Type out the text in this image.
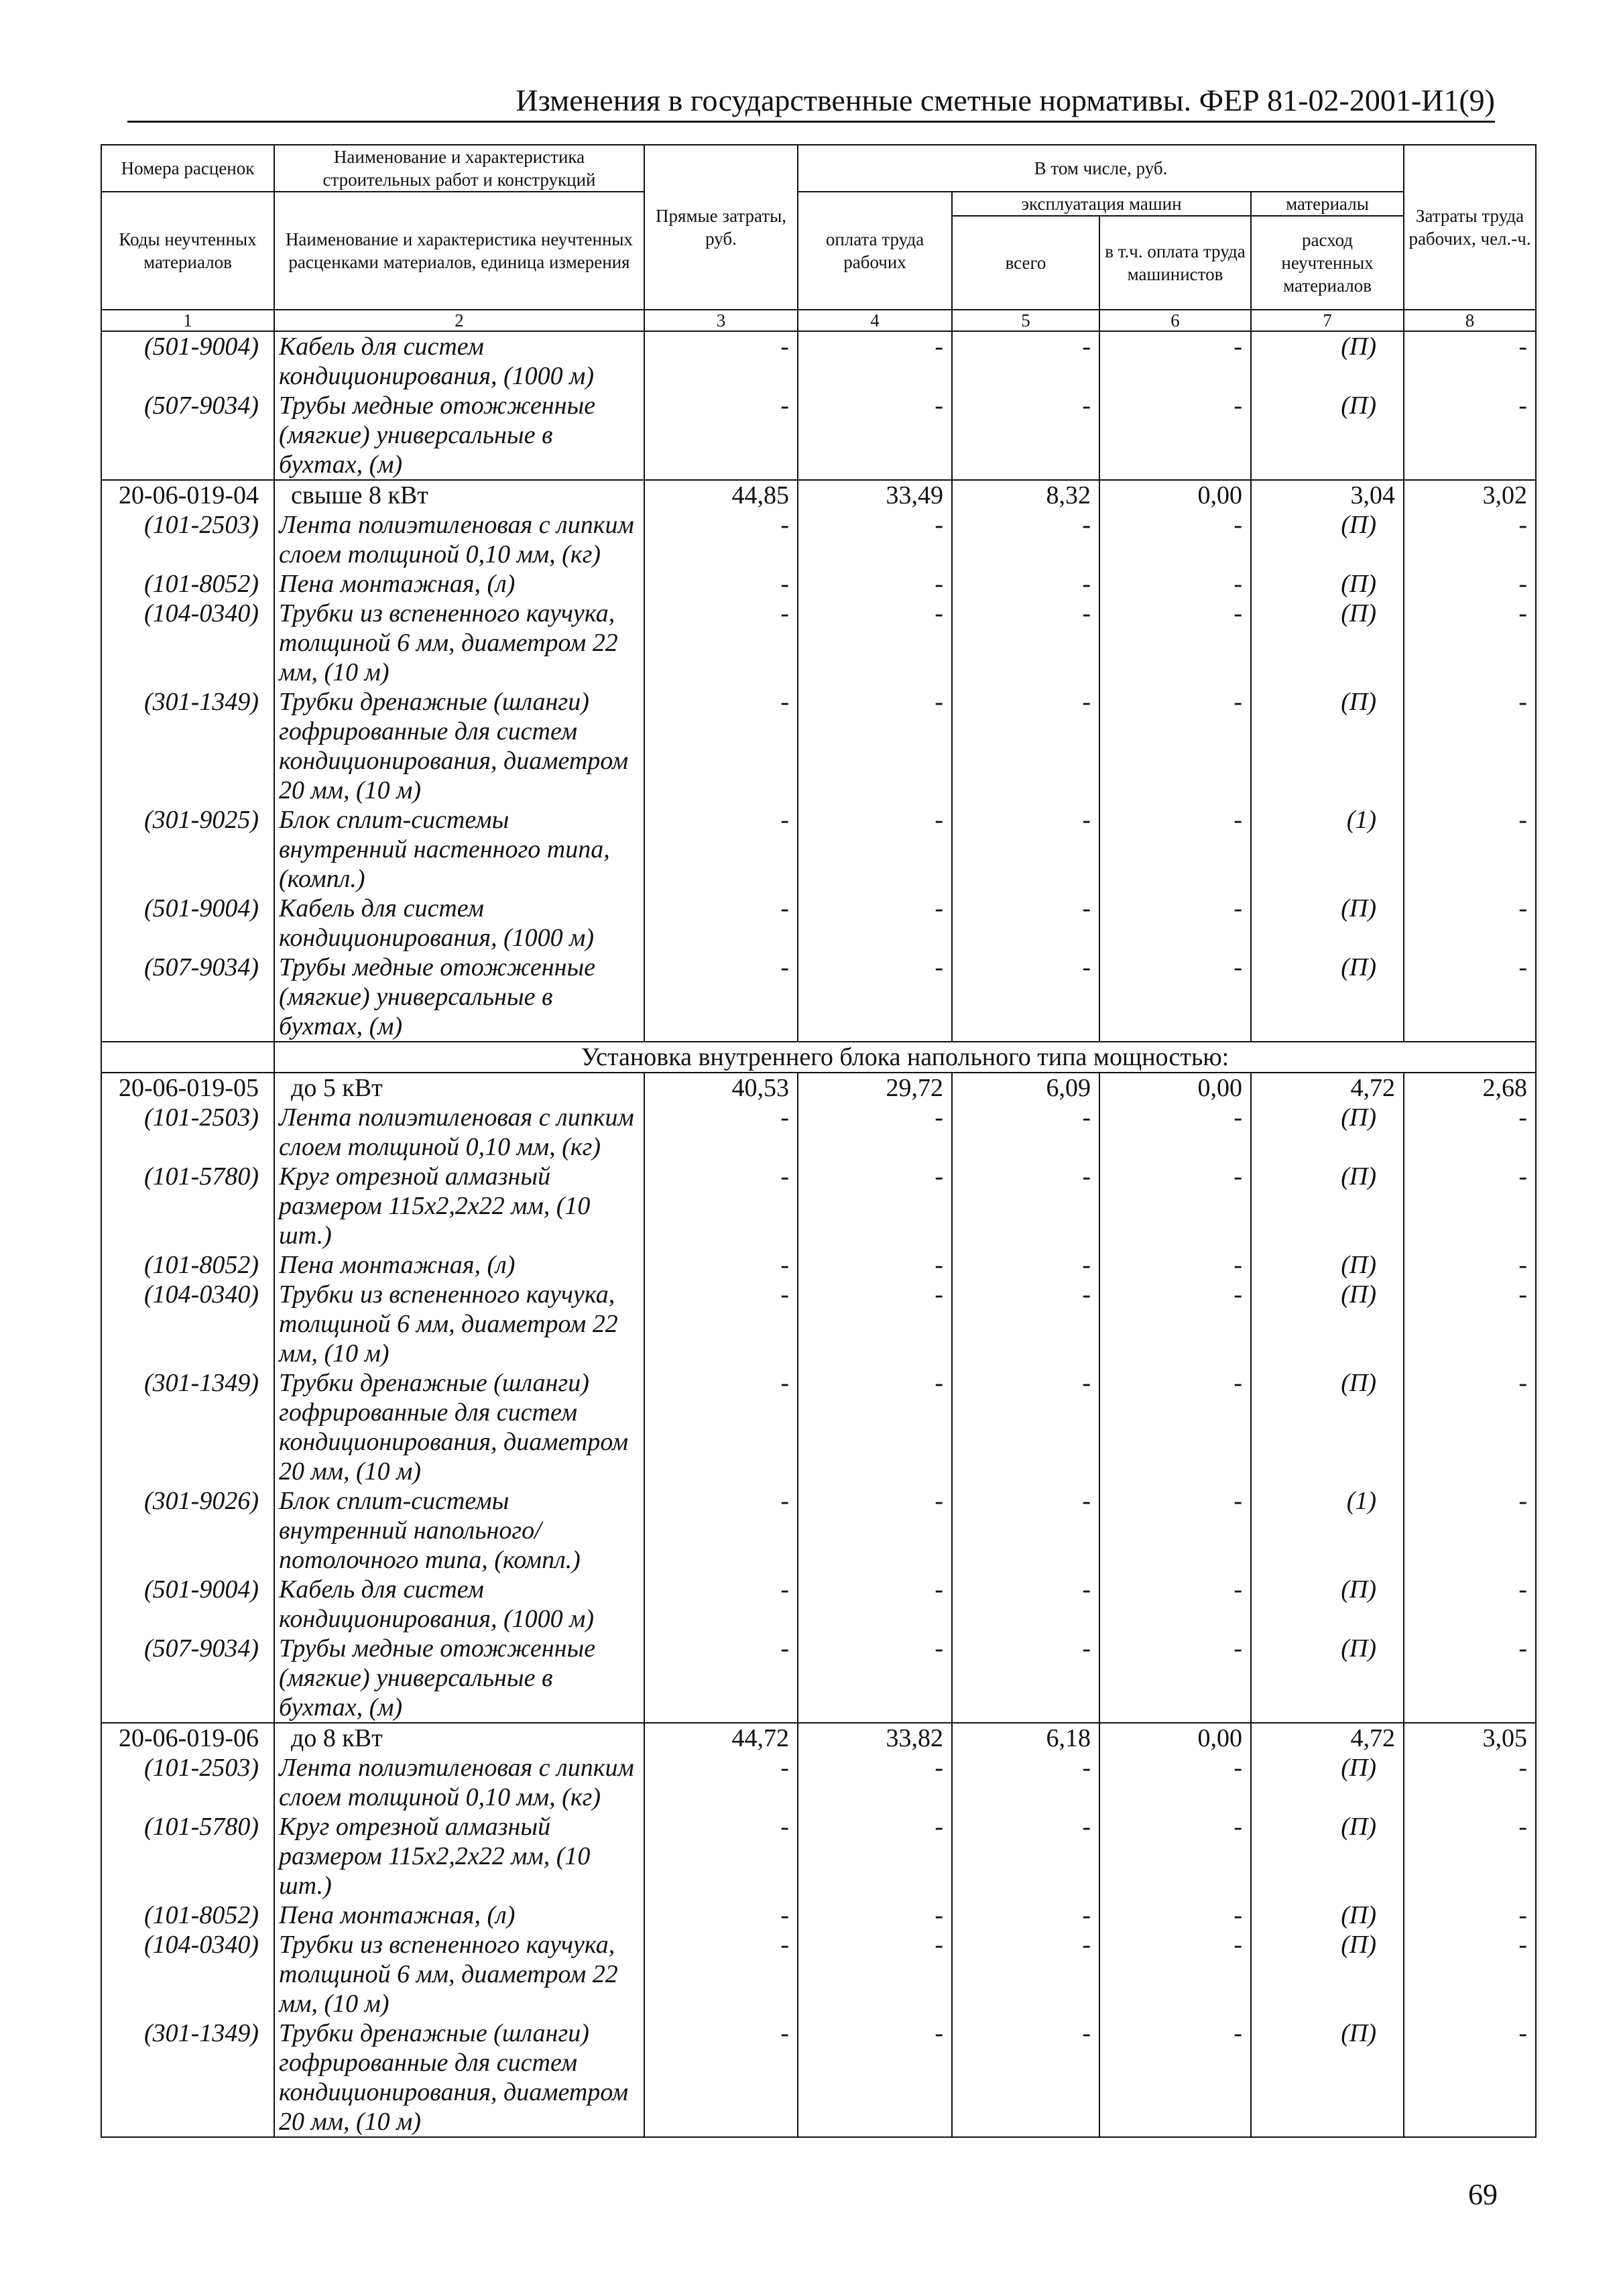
Изменения в государственные сметные нормативы. ФЕР 81-02-2001-И1(9)
Номера расценок	Наименование и характеристика строительных работ и конструкций	Прямые затраты, руб.	В том числе, руб.				Затраты труда рабочих, чел.-ч.
Коды неучтенных материалов	Наименование и характеристика неучтенных расценками материалов, единица измерения		оплата труда рабочих	эксплуатация машин		материалы	
				всего	в т.ч. оплата труда машинистов	расход неучтенных материалов	
1	2	3	4	5	6	7	8
(501-9004)	Кабель для систем кондиционирования, (1000 м)	-	-	-	-	(П)	-
(507-9034)	Трубы медные отожженные (мягкие) универсальные в бухтах, (м)	-	-	-	-	(П)	-
20-06-019-04	свыше 8 кВт	44,85	33,49	8,32	0,00	3,04	3,02
(101-2503)	Лента полиэтиленовая с липким слоем толщиной 0,10 мм, (кг)	-	-	-	-	(П)	-
(101-8052)	Пена монтажная, (л)	-	-	-	-	(П)	-
(104-0340)	Трубки из вспененного каучука, толщиной 6 мм, диаметром 22 мм, (10 м)	-	-	-	-	(П)	-
(301-1349)	Трубки дренажные (шланги) гофрированные для систем кондиционирования, диаметром 20 мм, (10 м)	-	-	-	-	(П)	-
(301-9025)	Блок сплит-системы внутренний настенного типа, (компл.)	-	-	-	-	(1)	-
(501-9004)	Кабель для систем кондиционирования, (1000 м)	-	-	-	-	(П)	-
(507-9034)	Трубы медные отожженные (мягкие) универсальные в бухтах, (м)	-	-	-	-	(П)	-
	Установка внутреннего блока напольного типа мощностью:						
20-06-019-05	до 5 кВт	40,53	29,72	6,09	0,00	4,72	2,68
(101-2503)	Лента полиэтиленовая с липким слоем толщиной 0,10 мм, (кг)	-	-	-	-	(П)	-
(101-5780)	Круг отрезной алмазный размером 115х2,2х22 мм, (10 шт.)	-	-	-	-	(П)	-
(101-8052)	Пена монтажная, (л)	-	-	-	-	(П)	-
(104-0340)	Трубки из вспененного каучука, толщиной 6 мм, диаметром 22 мм, (10 м)	-	-	-	-	(П)	-
(301-1349)	Трубки дренажные (шланги) гофрированные для систем кондиционирования, диаметром 20 мм, (10 м)	-	-	-	-	(П)	-
(301-9026)	Блок сплит-системы внутренний напольного/потолочного типа, (компл.)	-	-	-	-	(1)	-
(501-9004)	Кабель для систем кондиционирования, (1000 м)	-	-	-	-	(П)	-
(507-9034)	Трубы медные отожженные (мягкие) универсальные в бухтах, (м)	-	-	-	-	(П)	-
20-06-019-06	до 8 кВт	44,72	33,82	6,18	0,00	4,72	3,05
(101-2503)	Лента полиэтиленовая с липким слоем толщиной 0,10 мм, (кг)	-	-	-	-	(П)	-
(101-5780)	Круг отрезной алмазный размером 115х2,2х22 мм, (10 шт.)	-	-	-	-	(П)	-
(101-8052)	Пена монтажная, (л)	-	-	-	-	(П)	-
(104-0340)	Трубки из вспененного каучука, толщиной 6 мм, диаметром 22 мм, (10 м)	-	-	-	-	(П)	-
(301-1349)	Трубки дренажные (шланги) гофрированные для систем кондиционирования, диаметром 20 мм, (10 м)	-	-	-	-	(П)	-
69
